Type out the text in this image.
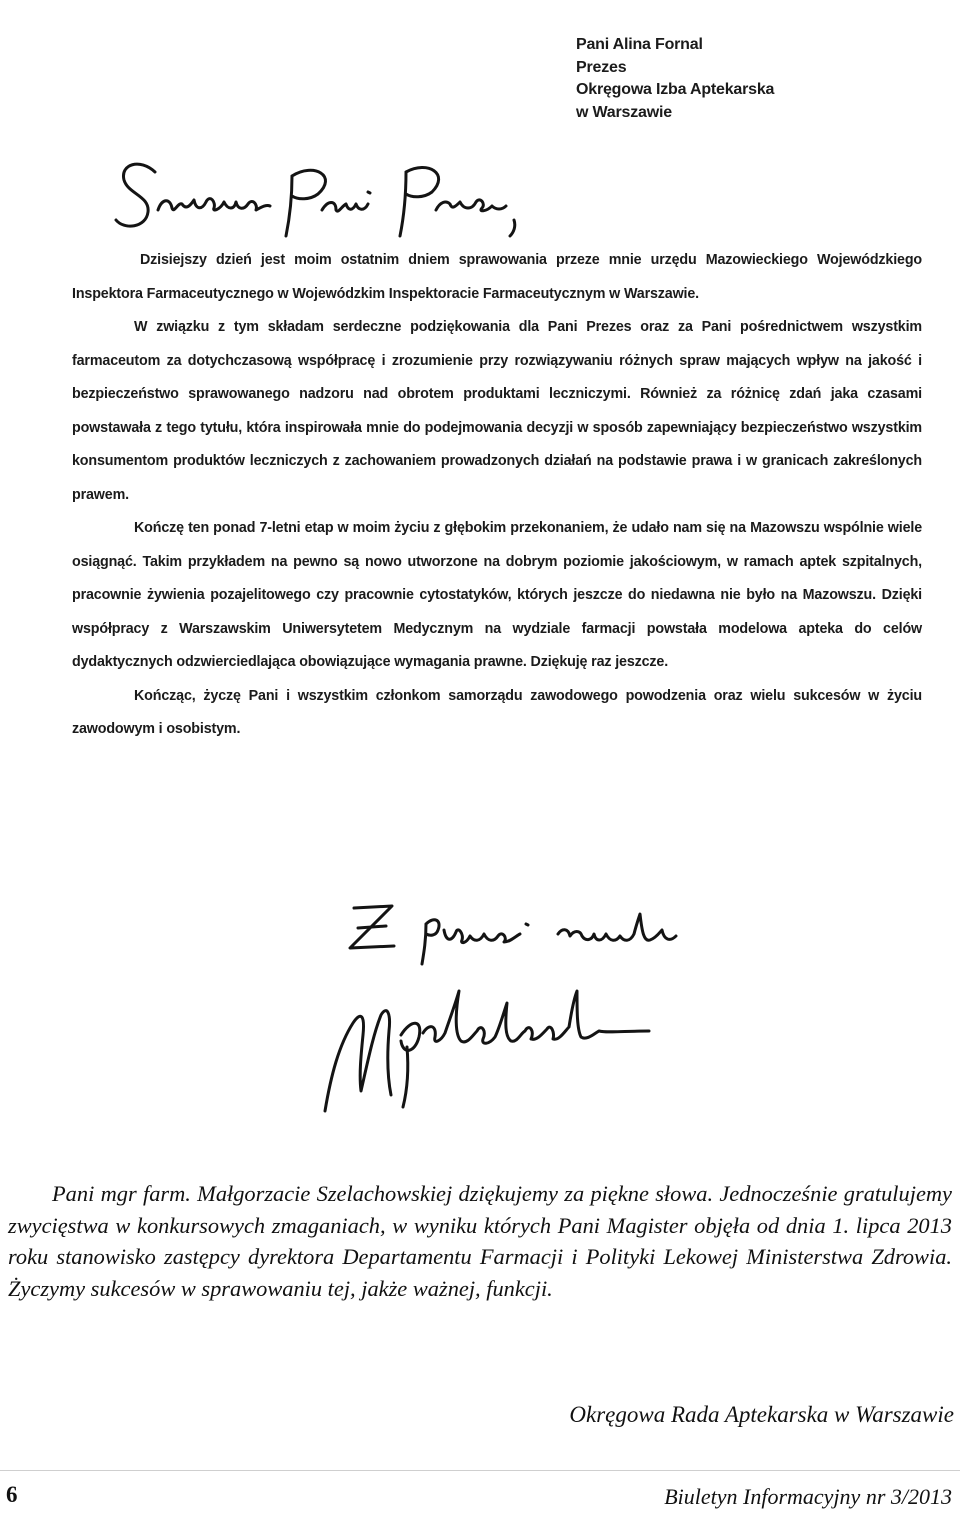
Pani Alina Fornal
Prezes
Okręgowa Izba Aptekarska
w Warszawie

Dzisiejszy dzień jest moim ostatnim dniem sprawowania przeze mnie urzędu Mazowieckiego Wojewódzkiego Inspektora Farmaceutycznego w Wojewódzkim Inspektoracie Farmaceutycznym w Warszawie.

W związku z tym składam serdeczne podziękowania dla Pani Prezes oraz za Pani pośrednictwem wszystkim farmaceutom za dotychczasową współpracę i zrozumienie przy rozwiązywaniu różnych spraw mających wpływ na jakość i bezpieczeństwo sprawowanego nadzoru nad obrotem produktami leczniczymi. Również za różnicę zdań jaka czasami powstawała z tego tytułu, która inspirowała mnie do podejmowania decyzji w sposób zapewniający bezpieczeństwo wszystkim konsumentom produktów leczniczych z zachowaniem prowadzonych działań na podstawie prawa i w granicach zakreślonych prawem.

Kończę ten ponad 7-letni etap w moim życiu z głębokim przekonaniem, że udało nam się na Mazowszu wspólnie wiele osiągnąć. Takim przykładem na pewno są nowo utworzone na dobrym poziomie jakościowym, w ramach aptek szpitalnych, pracownie żywienia pozajelitowego czy pracownie cytostatyków, których jeszcze do niedawna nie było na Mazowszu. Dzięki współpracy z Warszawskim Uniwersytetem Medycznym na wydziale farmacji powstała modelowa apteka do celów dydaktycznych odzwierciedlająca obowiązujące wymagania prawne. Dziękuję raz jeszcze.

Kończąc, życzę Pani i wszystkim członkom samorządu zawodowego powodzenia oraz wielu sukcesów w życiu zawodowym i osobistym.

Pani mgr farm. Małgorzacie Szelachowskiej dziękujemy za piękne słowa. Jednocześnie gratulujemy zwycięstwa w konkursowych zmaganiach, w wyniku których Pani Magister objęła od dnia 1. lipca 2013 roku stanowisko zastępcy dyrektora Departamentu Farmacji i Polityki Lekowej Ministerstwa Zdrowia. Życzymy sukcesów w sprawowaniu tej, jakże ważnej, funkcji.

Okręgowa Rada Aptekarska w Warszawie
6	Biuletyn Informacyjny nr 3/2013
